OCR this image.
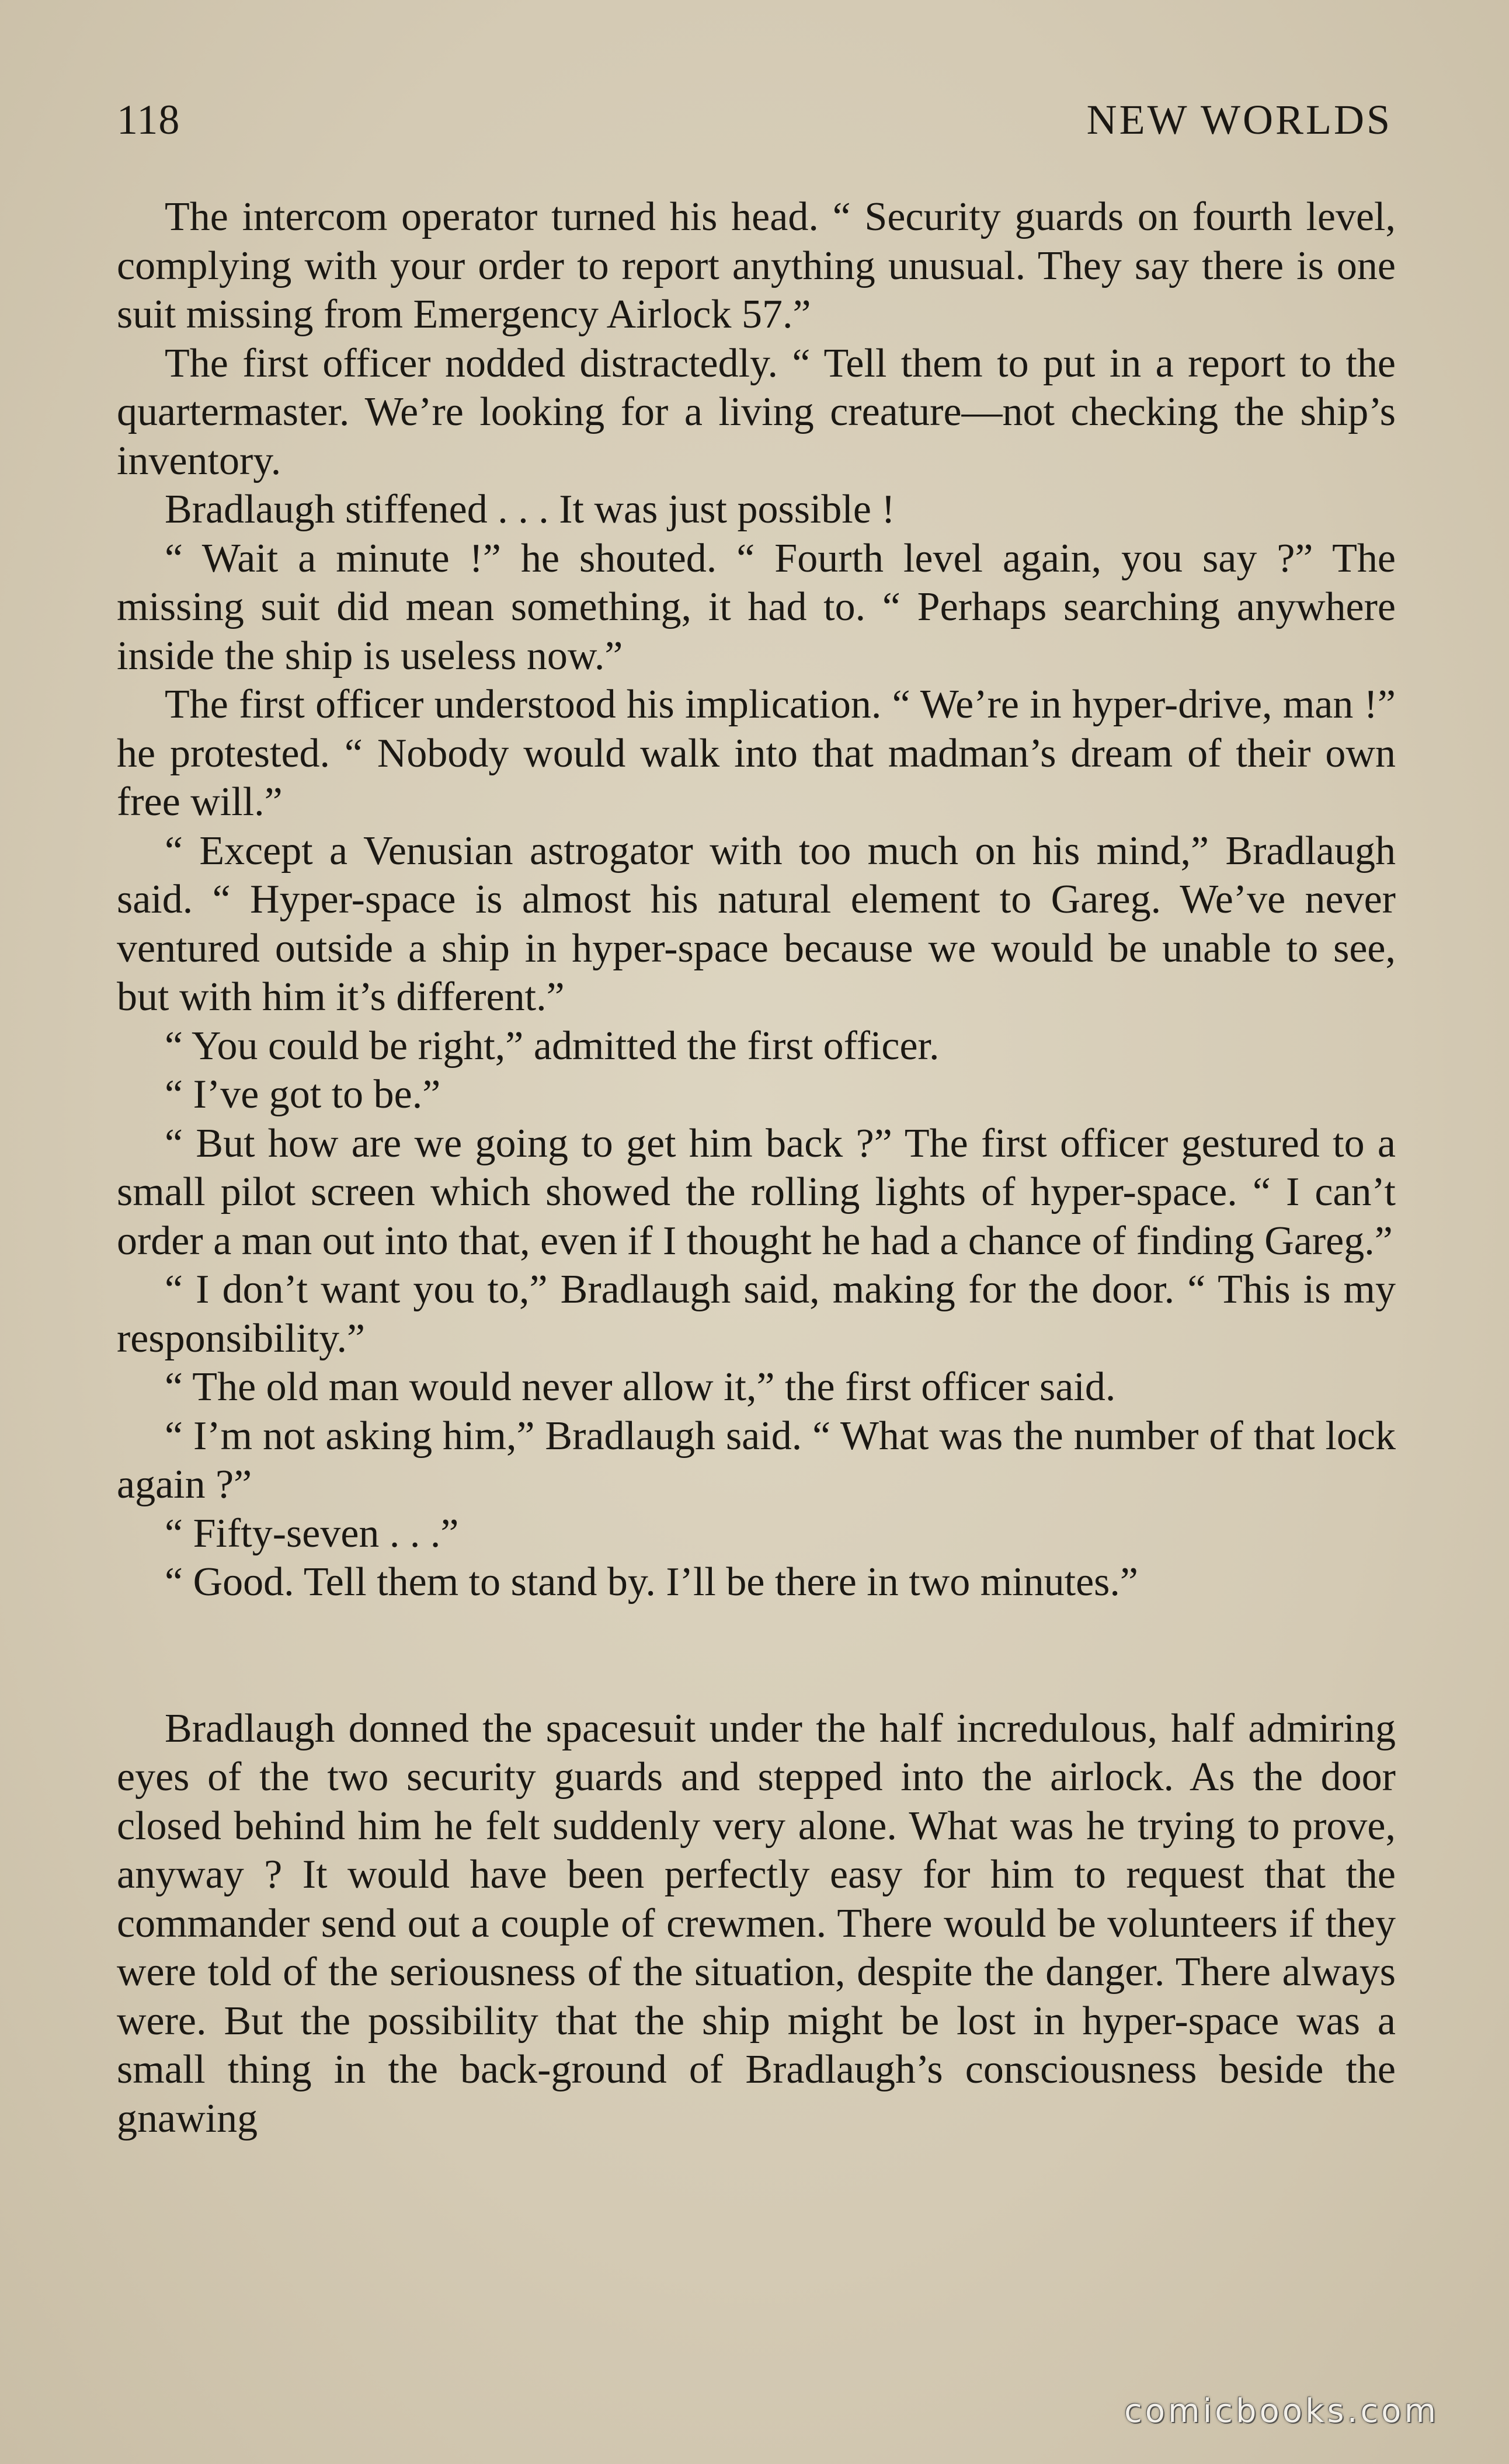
118	NEW WORLDS

The intercom operator turned his head. “ Security guards on fourth level, complying with your order to report anything unusual. They say there is one suit missing from Emergency Airlock 57.”

The first officer nodded distractedly. “ Tell them to put in a report to the quartermaster. We’re looking for a living creature—not checking the ship’s inventory.

Bradlaugh stiffened . . . It was just possible !

“ Wait a minute !” he shouted. “ Fourth level again, you say ?” The missing suit did mean something, it had to. “ Perhaps searching anywhere inside the ship is useless now.”

The first officer understood his implication. “ We’re in hyper-drive, man !” he protested. “ Nobody would walk into that madman’s dream of their own free will.”

“ Except a Venusian astrogator with too much on his mind,” Bradlaugh said. “ Hyper-space is almost his natural element to Gareg. We’ve never ventured outside a ship in hyper-space because we would be unable to see, but with him it’s different.”

“ You could be right,” admitted the first officer.

“ I’ve got to be.”

“ But how are we going to get him back ?” The first officer gestured to a small pilot screen which showed the rolling lights of hyper-space. “ I can’t order a man out into that, even if I thought he had a chance of finding Gareg.”

“ I don’t want you to,” Bradlaugh said, making for the door. “ This is my responsibility.”

“ The old man would never allow it,” the first officer said.

“ I’m not asking him,” Bradlaugh said. “ What was the number of that lock again ?”

“ Fifty-seven . . .”

“ Good. Tell them to stand by. I’ll be there in two minutes.”

Bradlaugh donned the spacesuit under the half incredulous, half admiring eyes of the two security guards and stepped into the airlock. As the door closed behind him he felt suddenly very alone. What was he trying to prove, anyway ? It would have been perfectly easy for him to request that the commander send out a couple of crewmen. There would be volunteers if they were told of the seriousness of the situation, despite the danger. There always were. But the possibility that the ship might be lost in hyper-space was a small thing in the back-ground of Bradlaugh’s consciousness beside the gnawing

comicbooks.com
